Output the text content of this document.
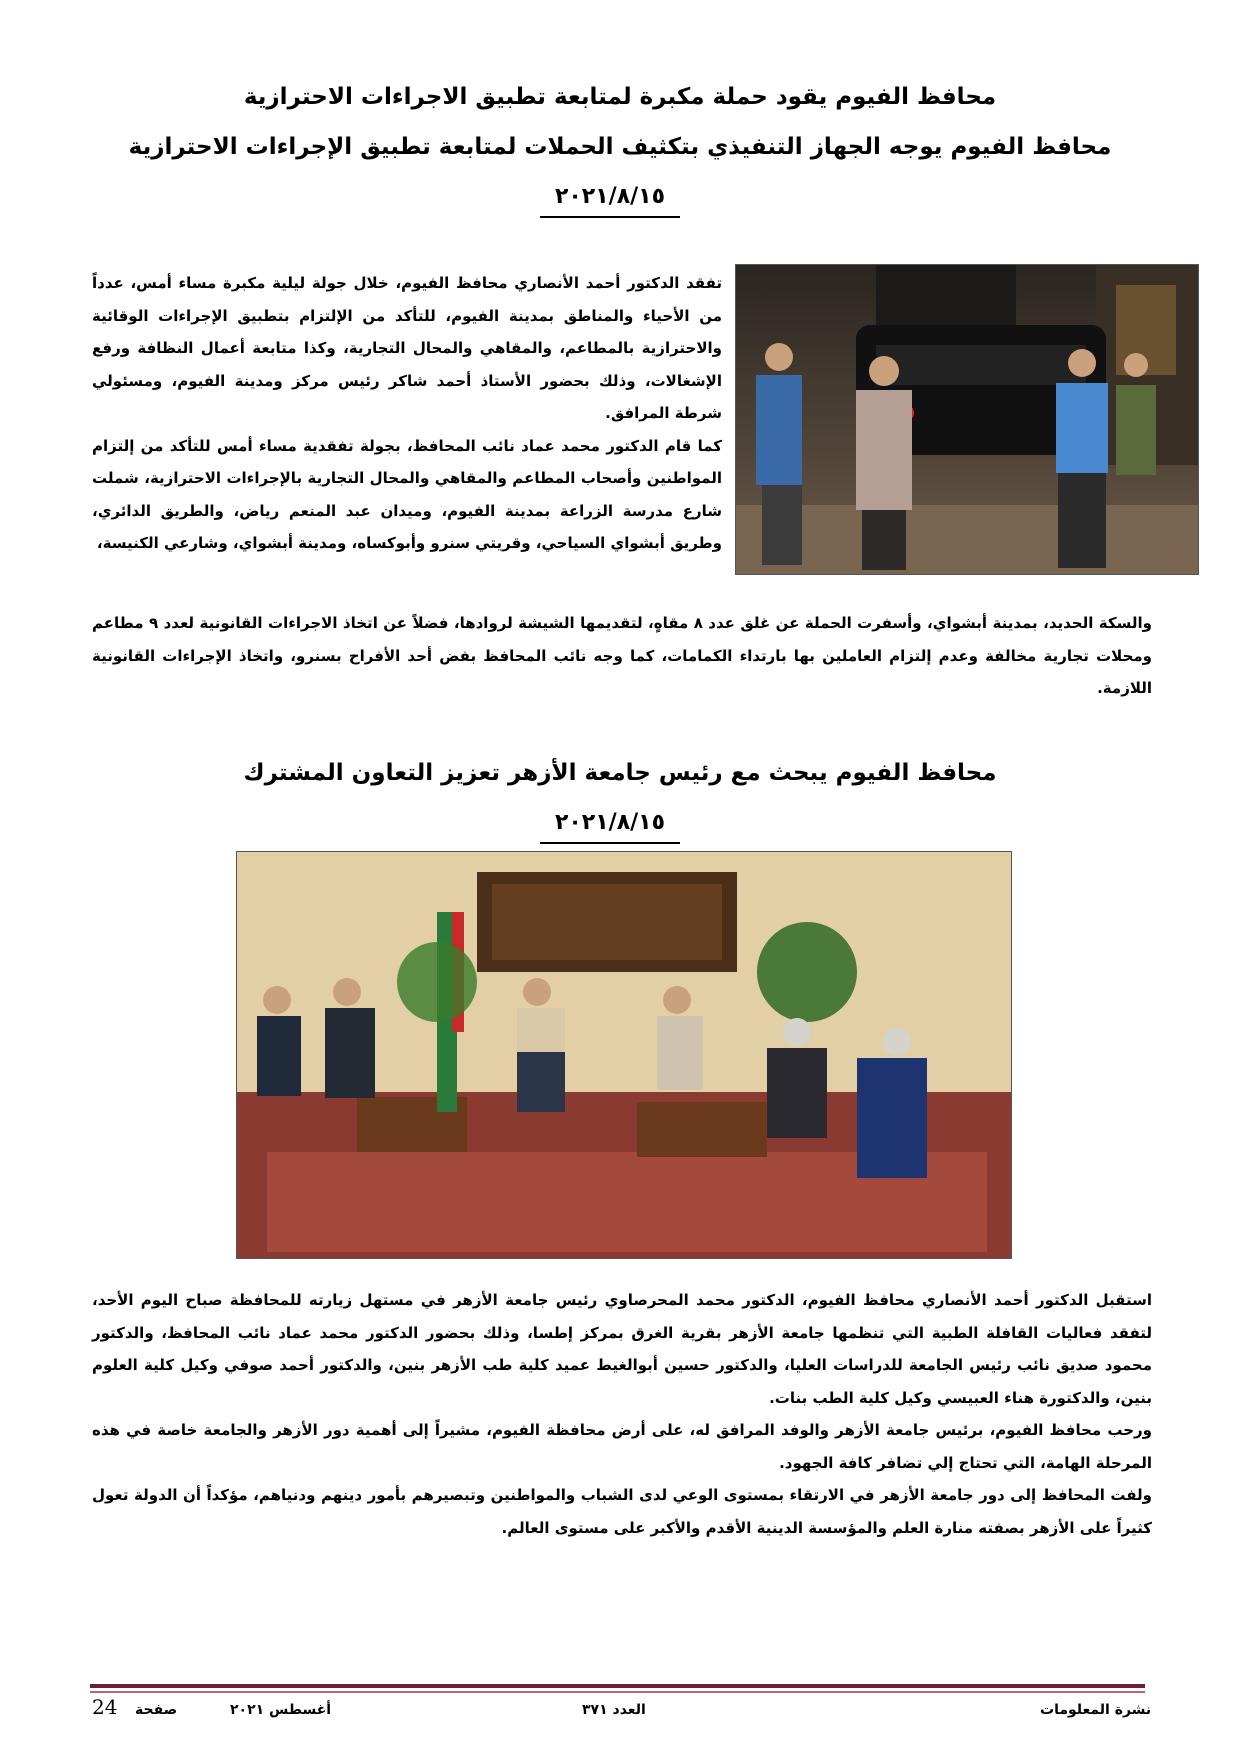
محافظ الفيوم يقود حملة مكبرة لمتابعة تطبيق الاجراءات الاحترازية
محافظ الفيوم يوجه الجهاز التنفيذي بتكثيف الحملات لمتابعة تطبيق الإجراءات الاحترازية
٢٠٢١/٨/١٥

تفقد الدكتور أحمد الأنصاري محافظ الفيوم، خلال جولة ليلية مكبرة مساء أمس، عدداً من الأحياء والمناطق بمدينة الفيوم، للتأكد من الإلتزام بتطبيق الإجراءات الوقائية والاحترازية بالمطاعم، والمقاهي والمحال التجارية، وكذا متابعة أعمال النظافة ورفع الإشغالات، وذلك بحضور الأستاذ أحمد شاكر رئيس مركز ومدينة الفيوم، ومسئولي شرطة المرافق.

كما قام الدكتور محمد عماد نائب المحافظ، بجولة تفقدية مساء أمس للتأكد من إلتزام المواطنين وأصحاب المطاعم والمقاهي والمحال التجارية بالإجراءات الاحترازية، شملت شارع مدرسة الزراعة بمدينة الفيوم، وميدان عبد المنعم رياض، والطريق الدائري، وطريق أبشواي السياحي، وقريتي سنرو وأبوكساه، ومدينة أبشواي، وشارعي الكنيسة،

والسكة الحديد، بمدينة أبشواي، وأسفرت الحملة عن غلق عدد ٨ مقاهٍ، لتقديمها الشيشة لروادها، فضلاً عن اتخاذ الاجراءات القانونية لعدد ٩ مطاعم ومحلات تجارية مخالفة وعدم إلتزام العاملين بها بارتداء الكمامات، كما وجه نائب المحافظ بفض أحد الأفراح بسنرو، واتخاذ الإجراءات القانونية اللازمة.

محافظ الفيوم يبحث مع رئيس جامعة الأزهر تعزيز التعاون المشترك
٢٠٢١/٨/١٥

استقبل الدكتور أحمد الأنصاري محافظ الفيوم، الدكتور محمد المحرصاوي رئيس جامعة الأزهر في مستهل زيارته للمحافظة صباح اليوم الأحد، لتفقد فعاليات القافلة الطبية التي تنظمها جامعة الأزهر بقرية الغرق بمركز إطسا، وذلك بحضور الدكتور محمد عماد نائب المحافظ، والدكتور محمود صديق نائب رئيس الجامعة للدراسات العليا، والدكتور حسين أبوالغيط عميد كلية طب الأزهر بنين، والدكتور أحمد صوفي وكيل كلية العلوم بنين، والدكتورة هناء العبيسي وكيل كلية الطب بنات.

ورحب محافظ الفيوم، برئيس جامعة الأزهر والوفد المرافق له، على أرض محافظة الفيوم، مشيراً إلى أهمية دور الأزهر والجامعة خاصة في هذه المرحلة الهامة، التي تحتاج إلي تضافر كافة الجهود.

ولفت المحافظ إلى دور جامعة الأزهر في الارتقاء بمستوى الوعي لدى الشباب والمواطنين وتبصيرهم بأمور دينهم ودنياهم، مؤكداً أن الدولة تعول كثيراً على الأزهر بصفته منارة العلم والمؤسسة الدينية الأقدم والأكبر على مستوى العالم.

نشرة المعلومات
العدد ٣٧١
أغسطس ٢٠٢١
صفحة
24
